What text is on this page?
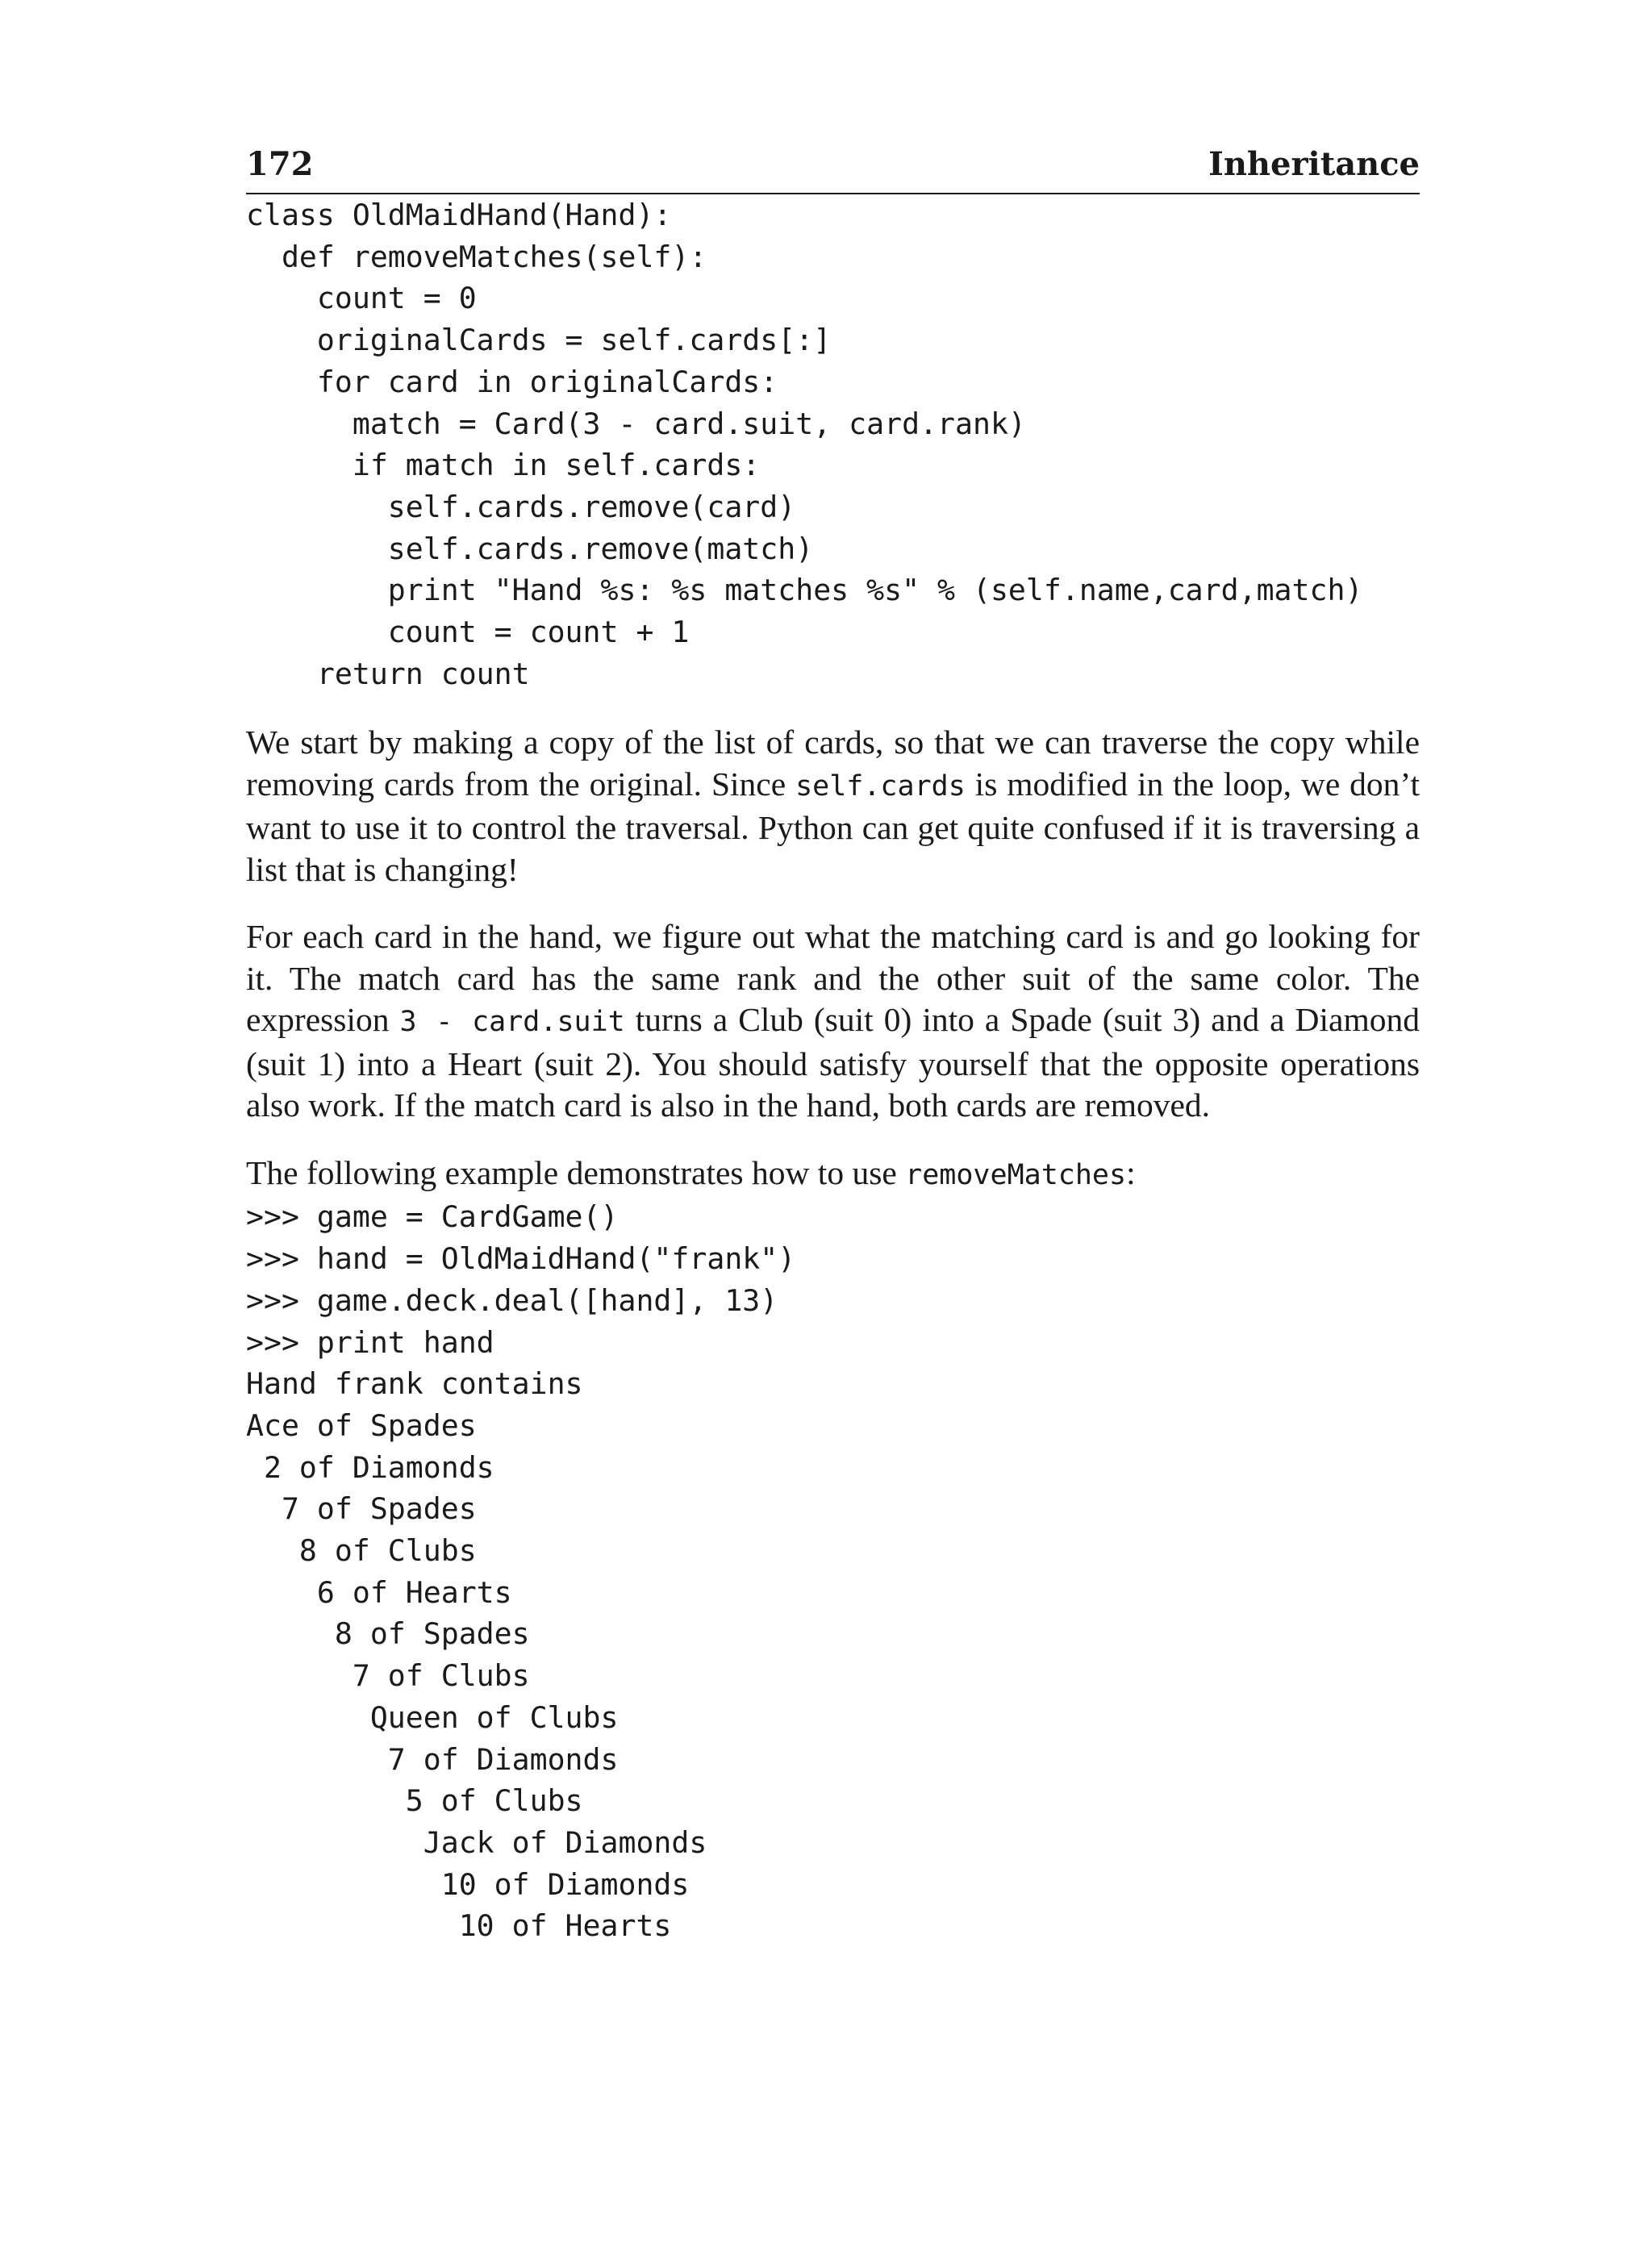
172	Inheritance
class OldMaidHand(Hand):
def removeMatches(self):
count = 0
originalCards = self.cards[:]
for card in originalCards:
match = Card(3 - card.suit, card.rank)
if match in self.cards:
self.cards.remove(card)
self.cards.remove(match)
print "Hand %s: %s matches %s" % (self.name,card,match)
count = count + 1
return count

We start by making a copy of the list of cards, so that we can traverse the copy while removing cards from the original. Since self.cards is modified in the loop, we don’t want to use it to control the traversal. Python can get quite confused if it is traversing a list that is changing!

For each card in the hand, we figure out what the matching card is and go looking for it. The match card has the same rank and the other suit of the same color. The expression 3 - card.suit turns a Club (suit 0) into a Spade (suit 3) and a Diamond (suit 1) into a Heart (suit 2). You should satisfy yourself that the opposite operations also work. If the match card is also in the hand, both cards are removed.

The following example demonstrates how to use removeMatches:

>>> game = CardGame()
>>> hand = OldMaidHand("frank")
>>> game.deck.deal([hand], 13)
>>> print hand
Hand frank contains
Ace of Spades
2 of Diamonds
7 of Spades
8 of Clubs
6 of Hearts
8 of Spades
7 of Clubs
Queen of Clubs
7 of Diamonds
5 of Clubs
Jack of Diamonds
10 of Diamonds
10 of Hearts
